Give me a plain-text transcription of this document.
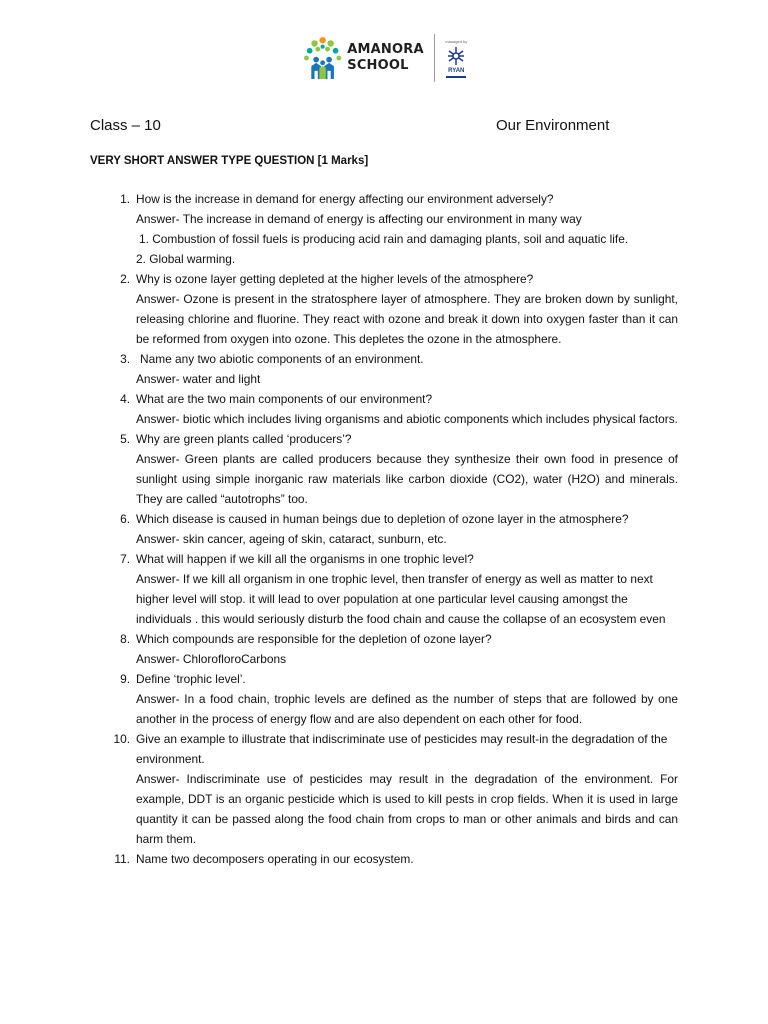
AMANORA
SCHOOL
managed by
RYAN
Class – 10	Our Environment
VERY SHORT ANSWER TYPE QUESTION [1 Marks]
1. How is the increase in demand for energy affecting our environment adversely?
Answer- The increase in demand of energy is affecting our environment in many way
1. Combustion of fossil fuels is producing acid rain and damaging plants, soil and aquatic life.
2. Global warming.
2. Why is ozone layer getting depleted at the higher levels of the atmosphere?
Answer- Ozone is present in the stratosphere layer of atmosphere. They are broken down by sunlight, releasing chlorine and fluorine. They react with ozone and break it down into oxygen faster than it can be reformed from oxygen into ozone. This depletes the ozone in the atmosphere.
3. Name any two abiotic components of an environment.
Answer- water and light
4. What are the two main components of our environment?
Answer- biotic which includes living organisms and abiotic components which includes physical factors.
5. Why are green plants called ‘producers’?
Answer- Green plants are called producers because they synthesize their own food in presence of sunlight using simple inorganic raw materials like carbon dioxide (CO2), water (H2O) and minerals. They are called “autotrophs” too.
6. Which disease is caused in human beings due to depletion of ozone layer in the atmosphere?
Answer- skin cancer, ageing of skin, cataract, sunburn, etc.
7. What will happen if we kill all the organisms in one trophic level?
Answer- If we kill all organism in one trophic level, then transfer of energy as well as matter to next higher level will stop. it will lead to over population at one particular level causing amongst the individuals . this would seriously disturb the food chain and cause the collapse of an ecosystem even
8. Which compounds are responsible for the depletion of ozone layer?
Answer- ChlorofloroCarbons
9. Define ‘trophic level’.
Answer- In a food chain, trophic levels are defined as the number of steps that are followed by one another in the process of energy flow and are also dependent on each other for food.
10. Give an example to illustrate that indiscriminate use of pesticides may result-in the degradation of the environment.
Answer- Indiscriminate use of pesticides may result in the degradation of the environment. For example, DDT is an organic pesticide which is used to kill pests in crop fields. When it is used in large quantity it can be passed along the food chain from crops to man or other animals and birds and can harm them.
11. Name two decomposers operating in our ecosystem.
